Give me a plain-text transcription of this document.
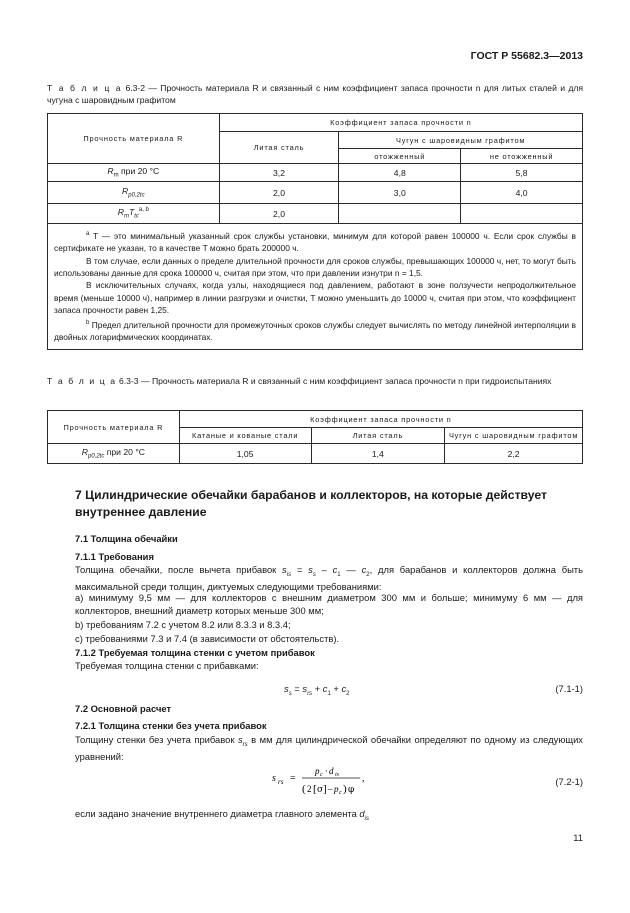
ГОСТ Р 55682.3—2013
Т а б л и ц а 6.3-2 — Прочность материала R и связанный с ним коэффициент запаса прочности n для литых сталей и для чугуна с шаровидным графитом
Прочность материала R	Коэффициент запаса прочности n		
	Литая сталь	Чугун с шаровидным графитом	
		отожженный	не отожженный
$R_m$ при 20 °C	3,2	4,8	5,8
$R_{p0,2tc}$	2,0	3,0	4,0
$R_mT_{tc}^{a, b}$	2,0		

$^a$ T — это минимальный указанный срок службы установки, минимум для которой равен 100000 ч. Если срок службы в сертификате не указан, то в качестве T можно брать 200000 ч.

В том случае, если данных о пределе длительной прочности для сроков службы, превышающих 100000 ч, нет, то могут быть использованы данные для срока 100000 ч, считая при этом, что при давлении изнутри n = 1,5.

В исключительных случаях, когда узлы, находящиеся под давлением, работают в зоне ползучести непродолжительное время (меньше 10000 ч), например в линии разгрузки и очистки, T можно уменьшить до 10000 ч, считая при этом, что коэффициент запаса прочности равен 1,25.

$^b$ Предел длительной прочности для промежуточных сроков службы следует вычислять по методу линейной интерполяции в двойных логарифмических координатах.			

Т а б л и ц а 6.3-3 — Прочность материала R и связанный с ним коэффициент запаса прочности n при гидроиспытаниях
Прочность материала R	Коэффициент запаса прочности n		
	Катаные и кованые стали	Литая сталь	Чугун с шаровидным графитом
$R_{p0,2tc}$ при 20 °C	1,05	1,4	2,2
7 Цилиндрические обечайки барабанов и коллекторов, на которые действует внутреннее давление
7.1 Толщина обечайки
7.1.1 Требования

Толщина обечайки, после вычета прибавок $s_{is} = s_s - c_1$ — $c_2$, для барабанов и коллекторов должна быть максимальной среди толщин, диктуемых следующими требованиями:

a) минимуму 9,5 мм — для коллекторов с внешним диаметром 300 мм и больше; минимуму 6 мм — для коллекторов, внешний диаметр которых меньше 300 мм;
b) требованиям 7.2 с учетом 8.2 или 8.3.3 и 8.3.4;
c) требованиями 7.3 и 7.4 (в зависимости от обстоятельств).
7.1.2 Требуемая толщина стенки с учетом прибавок
Требуемая толщина стенки с прибавками:
$s_s = s_{rs} + c_1 + c_2$	(7.1-1)
7.2 Основной расчет
7.2.1 Толщина стенки без учета прибавок

Толщину стенки без учета прибавок $s_{rs}$ в мм для цилиндрической обечайки определяют по одному из следующих уравнений:

s rs =
p c · d is
( 2 [ σ ] – p c ) φ
,	(7.2-1)

если задано значение внутреннего диаметра главного элемента $d_{is}$

11
